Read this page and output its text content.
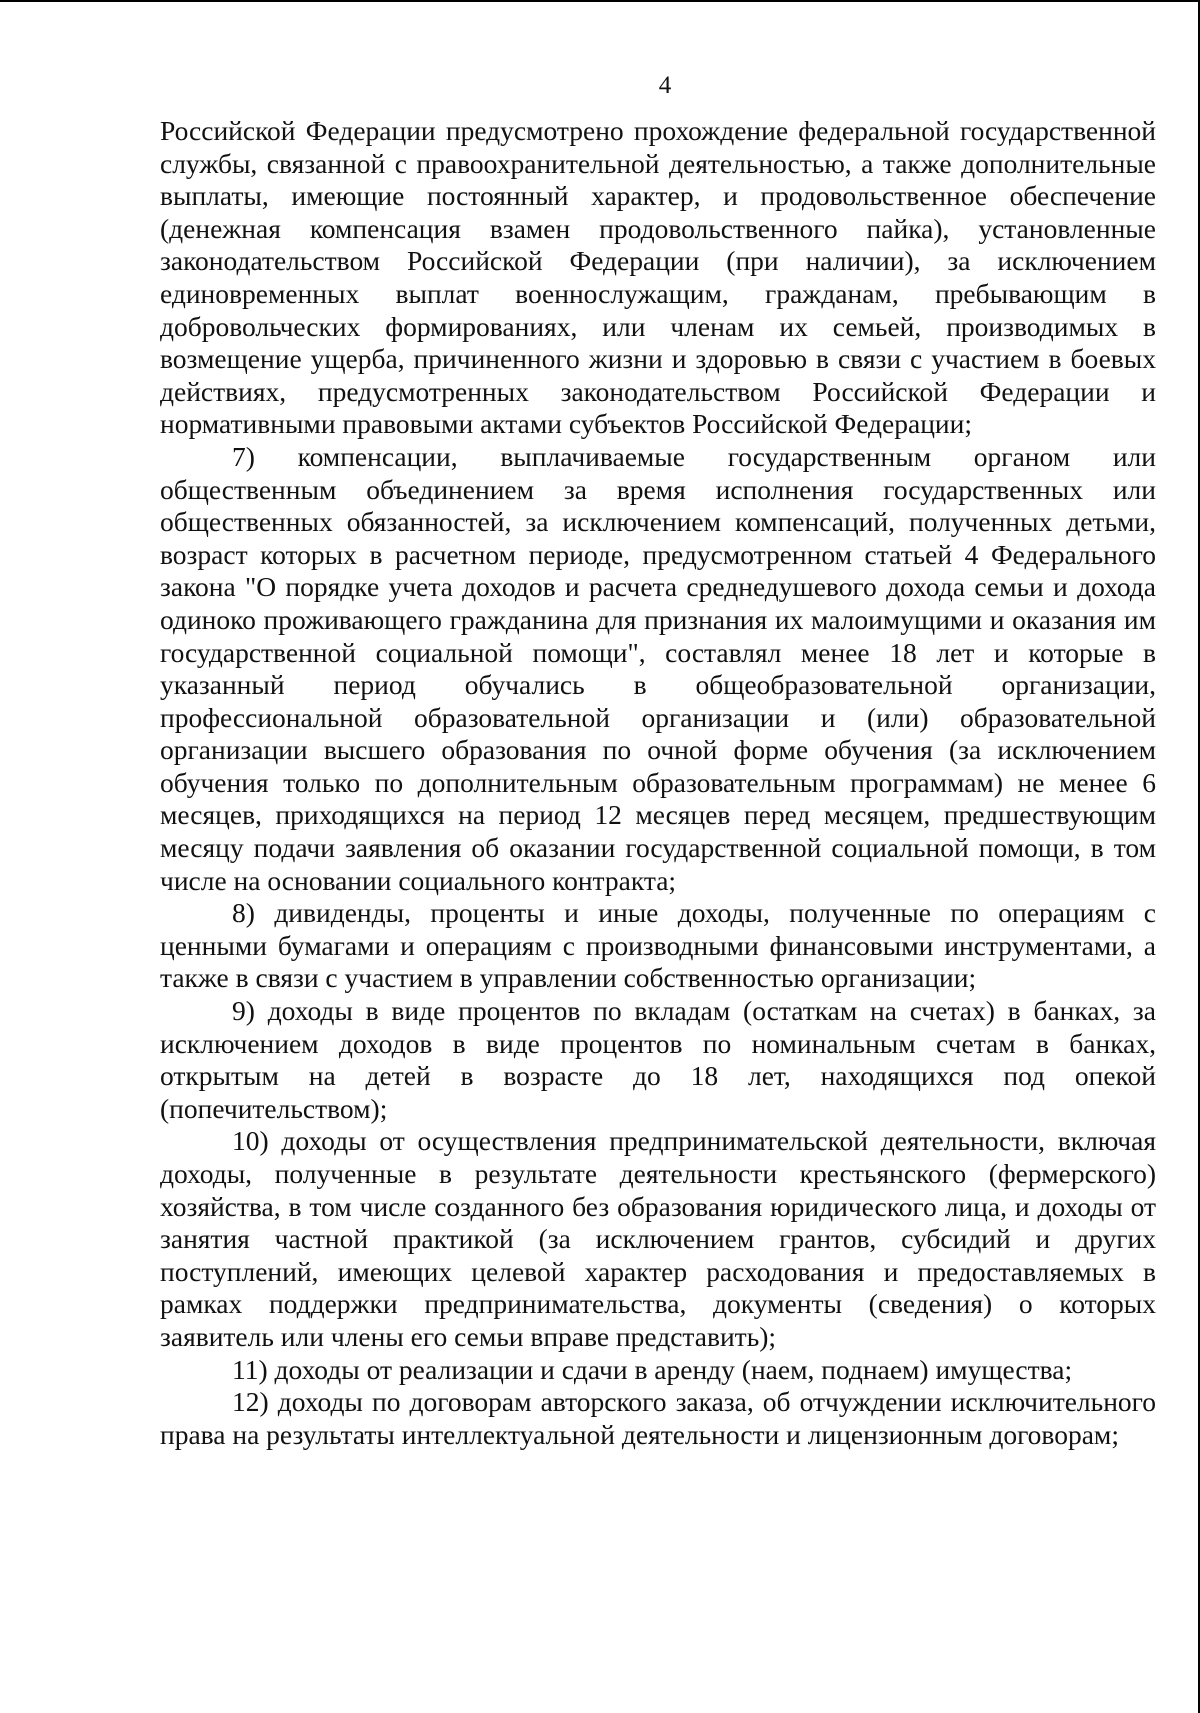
4

Российской Федерации предусмотрено прохождение федеральной государственной службы, связанной с правоохранительной деятельностью, а также дополнительные выплаты, имеющие постоянный характер, и продовольственное обеспечение (денежная компенсация взамен продовольственного пайка), установленные законодательством Российской Федерации (при наличии), за исключением единовременных выплат военнослужащим, гражданам, пребывающим в добровольческих формированиях, или членам их семьей, производимых в возмещение ущерба, причиненного жизни и здоровью в связи с участием в боевых действиях, предусмотренных законодательством Российской Федерации и нормативными правовыми актами субъектов Российской Федерации;

7) компенсации, выплачиваемые государственным органом или общественным объединением за время исполнения государственных или общественных обязанностей, за исключением компенсаций, полученных детьми, возраст которых в расчетном периоде, предусмотренном статьей 4 Федерального закона "О порядке учета доходов и расчета среднедушевого дохода семьи и дохода одиноко проживающего гражданина для признания их малоимущими и оказания им государственной социальной помощи", составлял менее 18 лет и которые в указанный период обучались в общеобразовательной организации, профессиональной образовательной организации и (или) образовательной организации высшего образования по очной форме обучения (за исключением обучения только по дополнительным образовательным программам) не менее 6 месяцев, приходящихся на период 12 месяцев перед месяцем, предшествующим месяцу подачи заявления об оказании государственной социальной помощи, в том числе на основании социального контракта;

8) дивиденды, проценты и иные доходы, полученные по операциям с ценными бумагами и операциям с производными финансовыми инструментами, а также в связи с участием в управлении собственностью организации;

9) доходы в виде процентов по вкладам (остаткам на счетах) в банках, за исключением доходов в виде процентов по номинальным счетам в банках, открытым на детей в возрасте до 18 лет, находящихся под опекой (попечительством);

10) доходы от осуществления предпринимательской деятельности, включая доходы, полученные в результате деятельности крестьянского (фермерского) хозяйства, в том числе созданного без образования юридического лица, и доходы от занятия частной практикой (за исключением грантов, субсидий и других поступлений, имеющих целевой характер расходования и предоставляемых в рамках поддержки предпринимательства, документы (сведения) о которых заявитель или члены его семьи вправе представить);

11) доходы от реализации и сдачи в аренду (наем, поднаем) имущества;

12) доходы по договорам авторского заказа, об отчуждении исключительного права на результаты интеллектуальной деятельности и лицензионным договорам;
